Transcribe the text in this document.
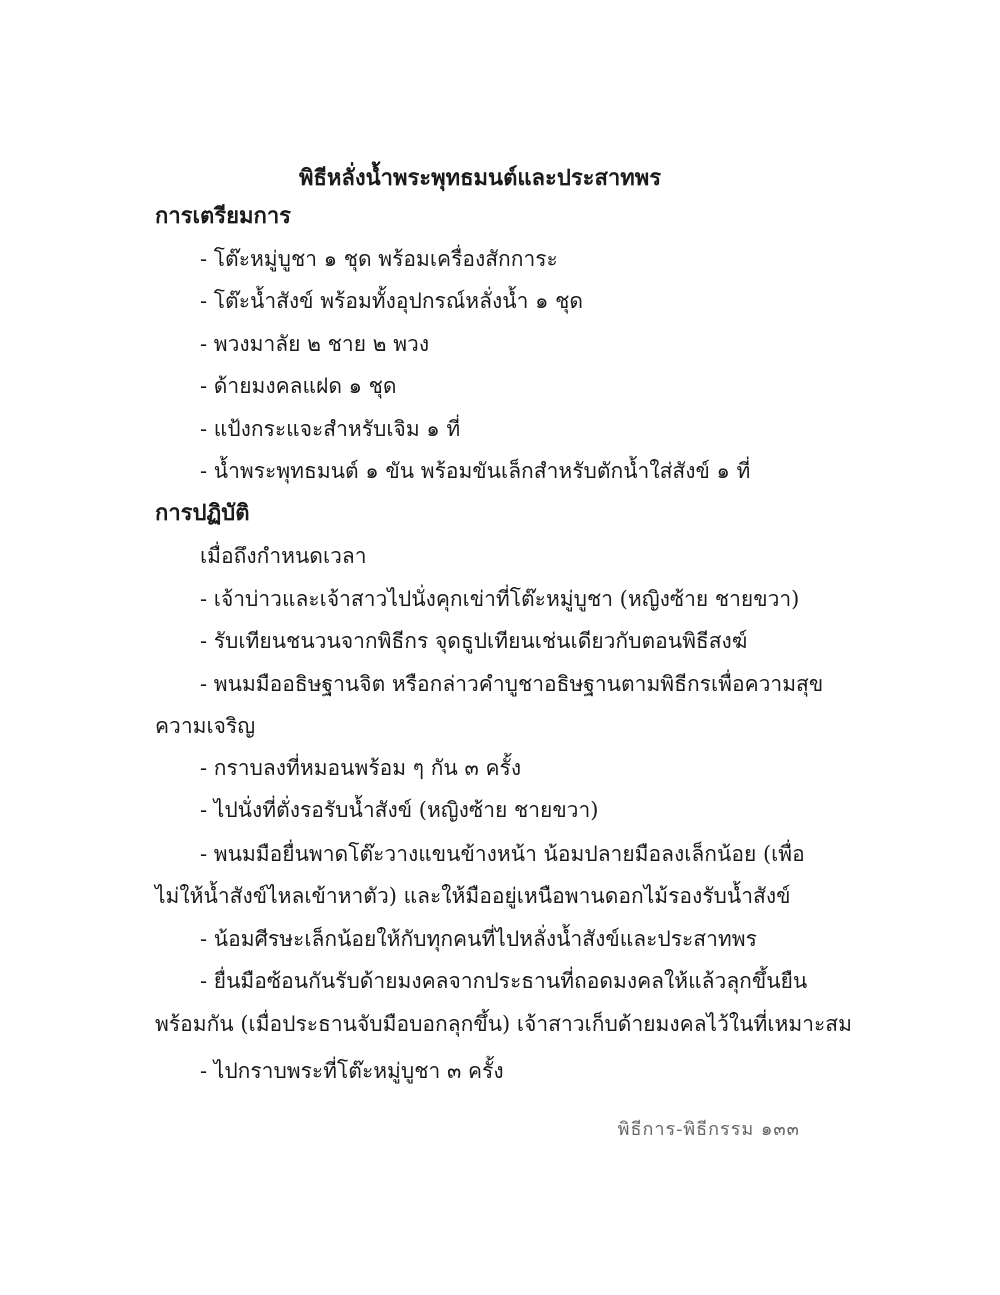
พิธีหลั่งน้ำพระพุทธมนต์และประสาทพร
การเตรียมการ
- โต๊ะหมู่บูชา ๑ ชุด พร้อมเครื่องสักการะ
- โต๊ะน้ำสังข์ พร้อมทั้งอุปกรณ์หลั่งน้ำ ๑ ชุด
- พวงมาลัย ๒ ชาย ๒ พวง
- ด้ายมงคลแฝด ๑ ชุด
- แป้งกระแจะสำหรับเจิม ๑ ที่
- น้ำพระพุทธมนต์ ๑ ขัน พร้อมขันเล็กสำหรับตักน้ำใส่สังข์ ๑ ที่
การปฏิบัติ
เมื่อถึงกำหนดเวลา
- เจ้าบ่าวและเจ้าสาวไปนั่งคุกเข่าที่โต๊ะหมู่บูชา (หญิงซ้าย ชายขวา)
- รับเทียนชนวนจากพิธีกร จุดธูปเทียนเช่นเดียวกับตอนพิธีสงฆ์
- พนมมืออธิษฐานจิต หรือกล่าวคำบูชาอธิษฐานตามพิธีกรเพื่อความสุข
ความเจริญ
- กราบลงที่หมอนพร้อม ๆ กัน ๓ ครั้ง
- ไปนั่งที่ตั่งรอรับน้ำสังข์ (หญิงซ้าย ชายขวา)
- พนมมือยื่นพาดโต๊ะวางแขนข้างหน้า น้อมปลายมือลงเล็กน้อย (เพื่อ
ไม่ให้น้ำสังข์ไหลเข้าหาตัว) และให้มืออยู่เหนือพานดอกไม้รองรับน้ำสังข์
- น้อมศีรษะเล็กน้อยให้กับทุกคนที่ไปหลั่งน้ำสังข์และประสาทพร
- ยื่นมือซ้อนกันรับด้ายมงคลจากประธานที่ถอดมงคลให้แล้วลุกขึ้นยืน
พร้อมกัน (เมื่อประธานจับมือบอกลุกขึ้น) เจ้าสาวเก็บด้ายมงคลไว้ในที่เหมาะสม
- ไปกราบพระที่โต๊ะหมู่บูชา ๓ ครั้ง
พิธีการ-พิธีกรรม ๑๓๓
